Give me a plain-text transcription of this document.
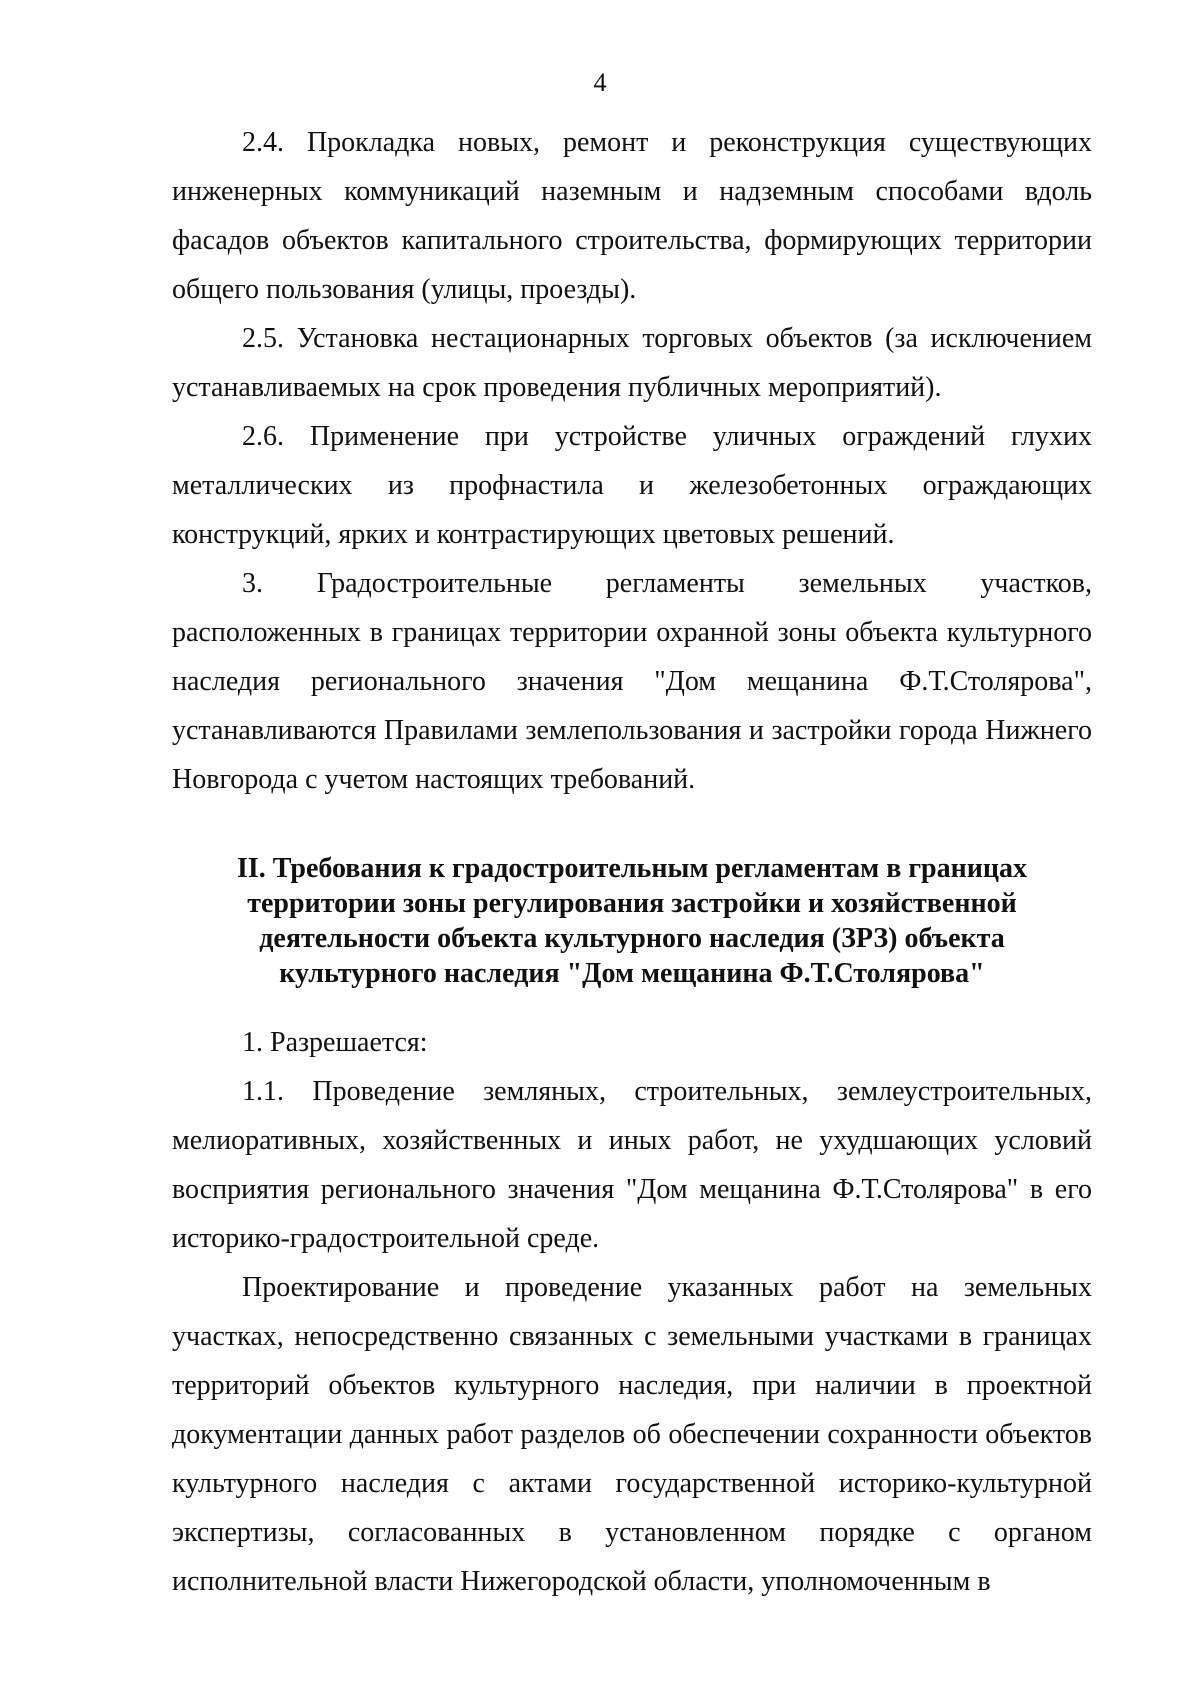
4

2.4. Прокладка новых, ремонт и реконструкция существующих инженерных коммуникаций наземным и надземным способами вдоль фасадов объектов капитального строительства, формирующих территории общего пользования (улицы, проезды).

2.5. Установка нестационарных торговых объектов (за исключением устанавливаемых на срок проведения публичных мероприятий).

2.6. Применение при устройстве уличных ограждений глухих металлических из профнастила и железобетонных ограждающих конструкций, ярких и контрастирующих цветовых решений.

3. Градостроительные регламенты земельных участков, расположенных в границах территории охранной зоны объекта культурного наследия регионального значения "Дом мещанина Ф.Т.Столярова", устанавливаются Правилами землепользования и застройки города Нижнего Новгорода с учетом настоящих требований.

II. Требования к градостроительным регламентам в границах
территории зоны регулирования застройки и хозяйственной
деятельности объекта культурного наследия (ЗРЗ) объекта
культурного наследия "Дом мещанина Ф.Т.Столярова"

1. Разрешается:

1.1. Проведение земляных, строительных, землеустроительных, мелиоративных, хозяйственных и иных работ, не ухудшающих условий восприятия регионального значения "Дом мещанина Ф.Т.Столярова" в его историко-градостроительной среде.

Проектирование и проведение указанных работ на земельных участках, непосредственно связанных с земельными участками в границах территорий объектов культурного наследия, при наличии в проектной документации данных работ разделов об обеспечении сохранности объектов культурного наследия с актами государственной историко-культурной экспертизы, согласованных в установленном порядке с органом исполнительной власти Нижегородской области, уполномоченным в
